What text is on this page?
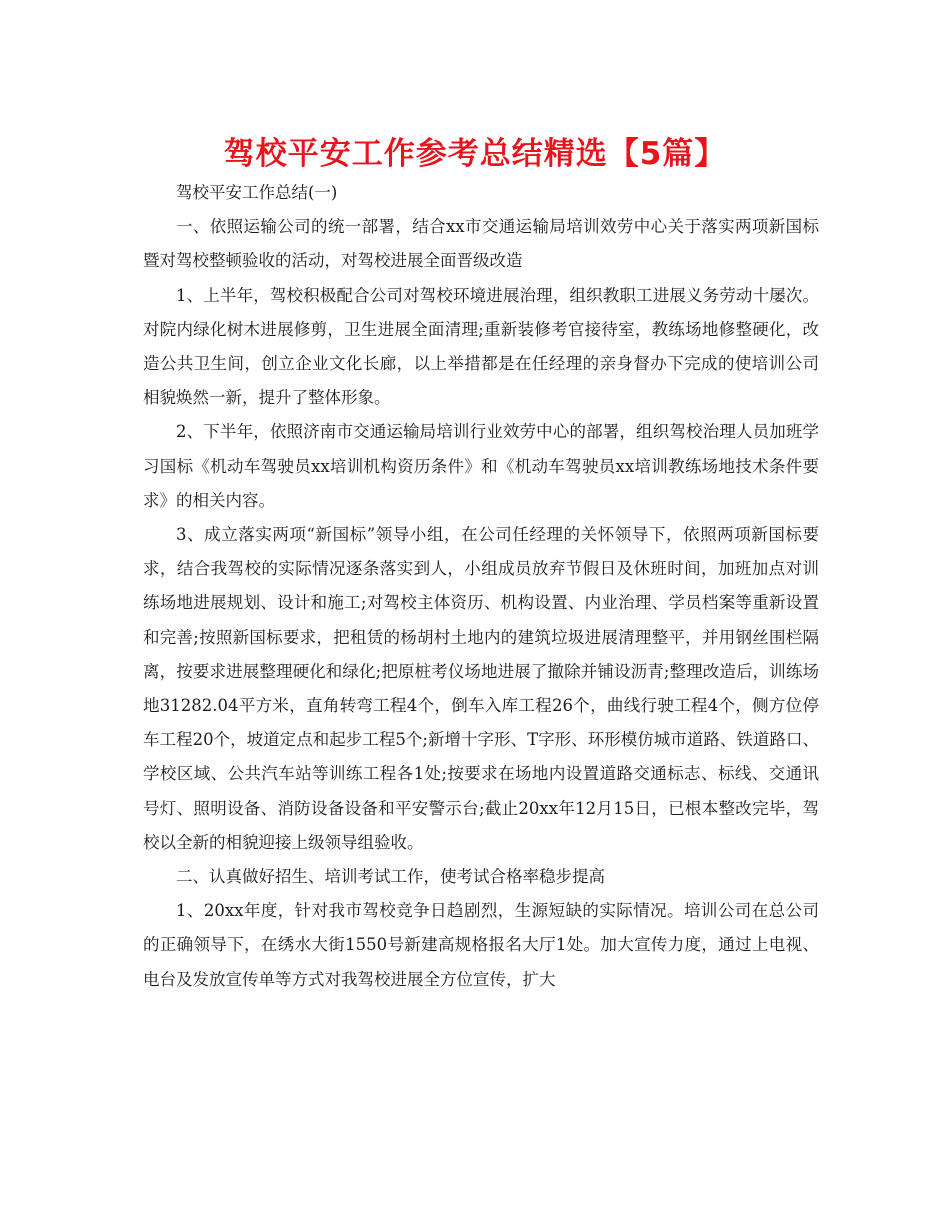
驾校平安工作参考总结精选【5篇】

驾校平安工作总结(一)

一、依照运输公司的统一部署，结合xx市交通运输局培训效劳中心关于落实两项新国标暨对驾校整顿验收的活动，对驾校进展全面晋级改造

1、上半年，驾校积极配合公司对驾校环境进展治理，组织教职工进展义务劳动十屡次。对院内绿化树木进展修剪，卫生进展全面清理;重新装修考官接待室，教练场地修整硬化，改造公共卫生间，创立企业文化长廊，以上举措都是在任经理的亲身督办下完成的使培训公司相貌焕然一新，提升了整体形象。

2、下半年，依照济南市交通运输局培训行业效劳中心的部署，组织驾校治理人员加班学习国标《机动车驾驶员xx培训机构资历条件》和《机动车驾驶员xx培训教练场地技术条件要求》的相关内容。

3、成立落实两项“新国标”领导小组，在公司任经理的关怀领导下，依照两项新国标要求，结合我驾校的实际情况逐条落实到人，小组成员放弃节假日及休班时间，加班加点对训练场地进展规划、设计和施工;对驾校主体资历、机构设置、内业治理、学员档案等重新设置和完善;按照新国标要求，把租赁的杨胡村土地内的建筑垃圾进展清理整平，并用钢丝围栏隔离，按要求进展整理硬化和绿化;把原桩考仪场地进展了撤除并铺设沥青;整理改造后，训练场地31282.04平方米，直角转弯工程4个，倒车入库工程26个，曲线行驶工程4个，侧方位停车工程20个，坡道定点和起步工程5个;新增十字形、T字形、环形模仿城市道路、铁道路口、学校区域、公共汽车站等训练工程各1处;按要求在场地内设置道路交通标志、标线、交通讯号灯、照明设备、消防设备设备和平安警示台;截止20xx年12月15日，已根本整改完毕，驾校以全新的相貌迎接上级领导组验收。

二、认真做好招生、培训考试工作，使考试合格率稳步提高

1、20xx年度，针对我市驾校竞争日趋剧烈，生源短缺的实际情况。培训公司在总公司的正确领导下，在绣水大街1550号新建高规格报名大厅1处。加大宣传力度，通过上电视、电台及发放宣传单等方式对我驾校进展全方位宣传，扩大
